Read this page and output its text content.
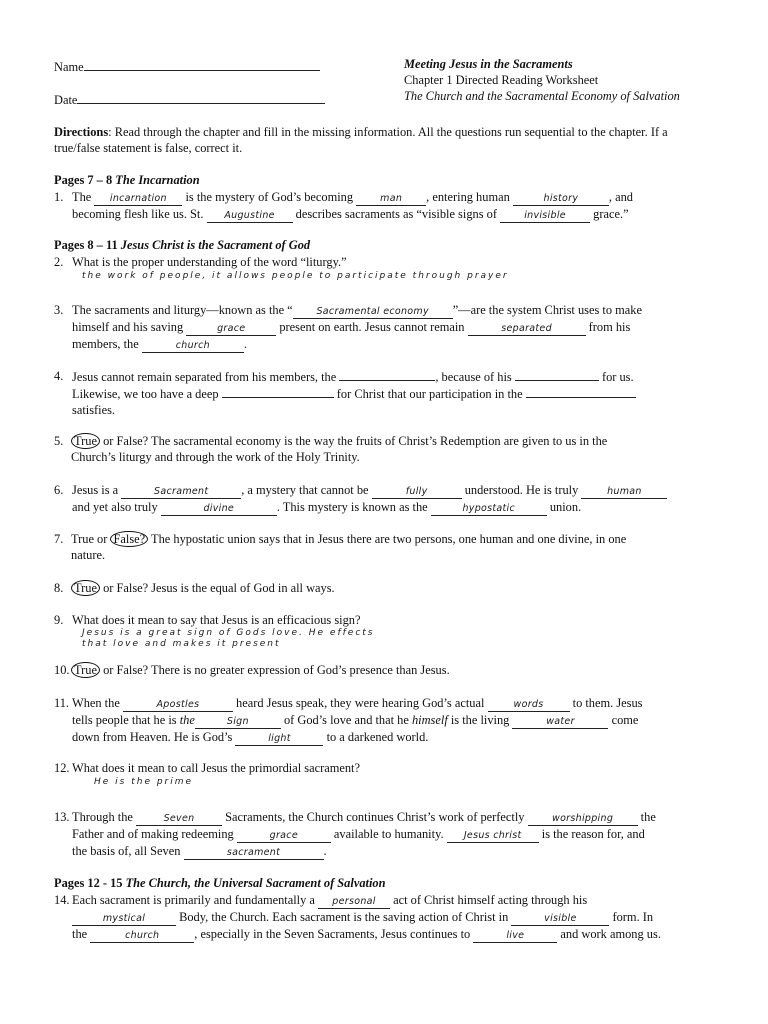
Name
Date
Meeting Jesus in the Sacraments
Chapter 1 Directed Reading Worksheet
The Church and the Sacramental Economy of Salvation
Directions: Read through the chapter and fill in the missing information. All the questions run sequential to the chapter. If a true/false statement is false, correct it.
Pages 7 – 8 The Incarnation
1. The incarnation is the mystery of God’s becoming	man , entering human	history , and
becoming flesh like us. St. Augustine describes sacraments as “visible signs of	invisible grace.”
Pages 8 – 11 Jesus Christ is the Sacrament of God
2. What is the proper understanding of the word “liturgy.”
the work of people, it allows people to participate through prayer
3. The sacraments and liturgy—known as the “	Sacramental economy ”—are the system Christ uses to make
himself and his saving	grace present on earth. Jesus cannot remain	separated	from his
members, the	church	.
4. Jesus cannot remain separated from his members, the	, because of his	for us.
Likewise, we too have a deep	for Christ that our participation in the
satisfies.
5. True or False? The sacramental economy is the way the fruits of Christ’s Redemption are given to us in the
Church’s liturgy and through the work of the Holy Trinity.
6. Jesus is a	Sacrament	, a mystery that cannot be	fully	understood. He is truly	human
and yet also truly	divine	. This mystery is known as the	hypostatic	union.
7. True or False? The hypostatic union says that in Jesus there are two persons, one human and one divine, in one
nature.
8. True or False? Jesus is the equal of God in all ways.
9. What does it mean to say that Jesus is an efficacious sign?
Jesus is a great sign of Gods love. He effects
that love and makes it present
10. True or False? There is no greater expression of God’s presence than Jesus.
11. When the	Apostles	heard Jesus speak, they were hearing God’s actual	words to them. Jesus
tells people that he is the	Sign	of God’s love and that he himself is the living	water	come
down from Heaven. He is God’s	light	to a darkened world.
12. What does it mean to call Jesus the primordial sacrament?
He is the prime
13. Through the	Seven Sacraments, the Church continues Christ’s work of perfectly	worshipping the
Father and of making redeeming	grace	available to humanity. Jesus christ is the reason for, and
the basis of, all Seven	sacrament	.
Pages 12 - 15 The Church, the Universal Sacrament of Salvation
14. Each sacrament is primarily and fundamentally a personal act of Christ himself acting through his
mystical Body, the Church. Each sacrament is the saving action of Christ in	visible	form. In
the	church	, especially in the Seven Sacraments, Jesus continues to	live	and work among us.
